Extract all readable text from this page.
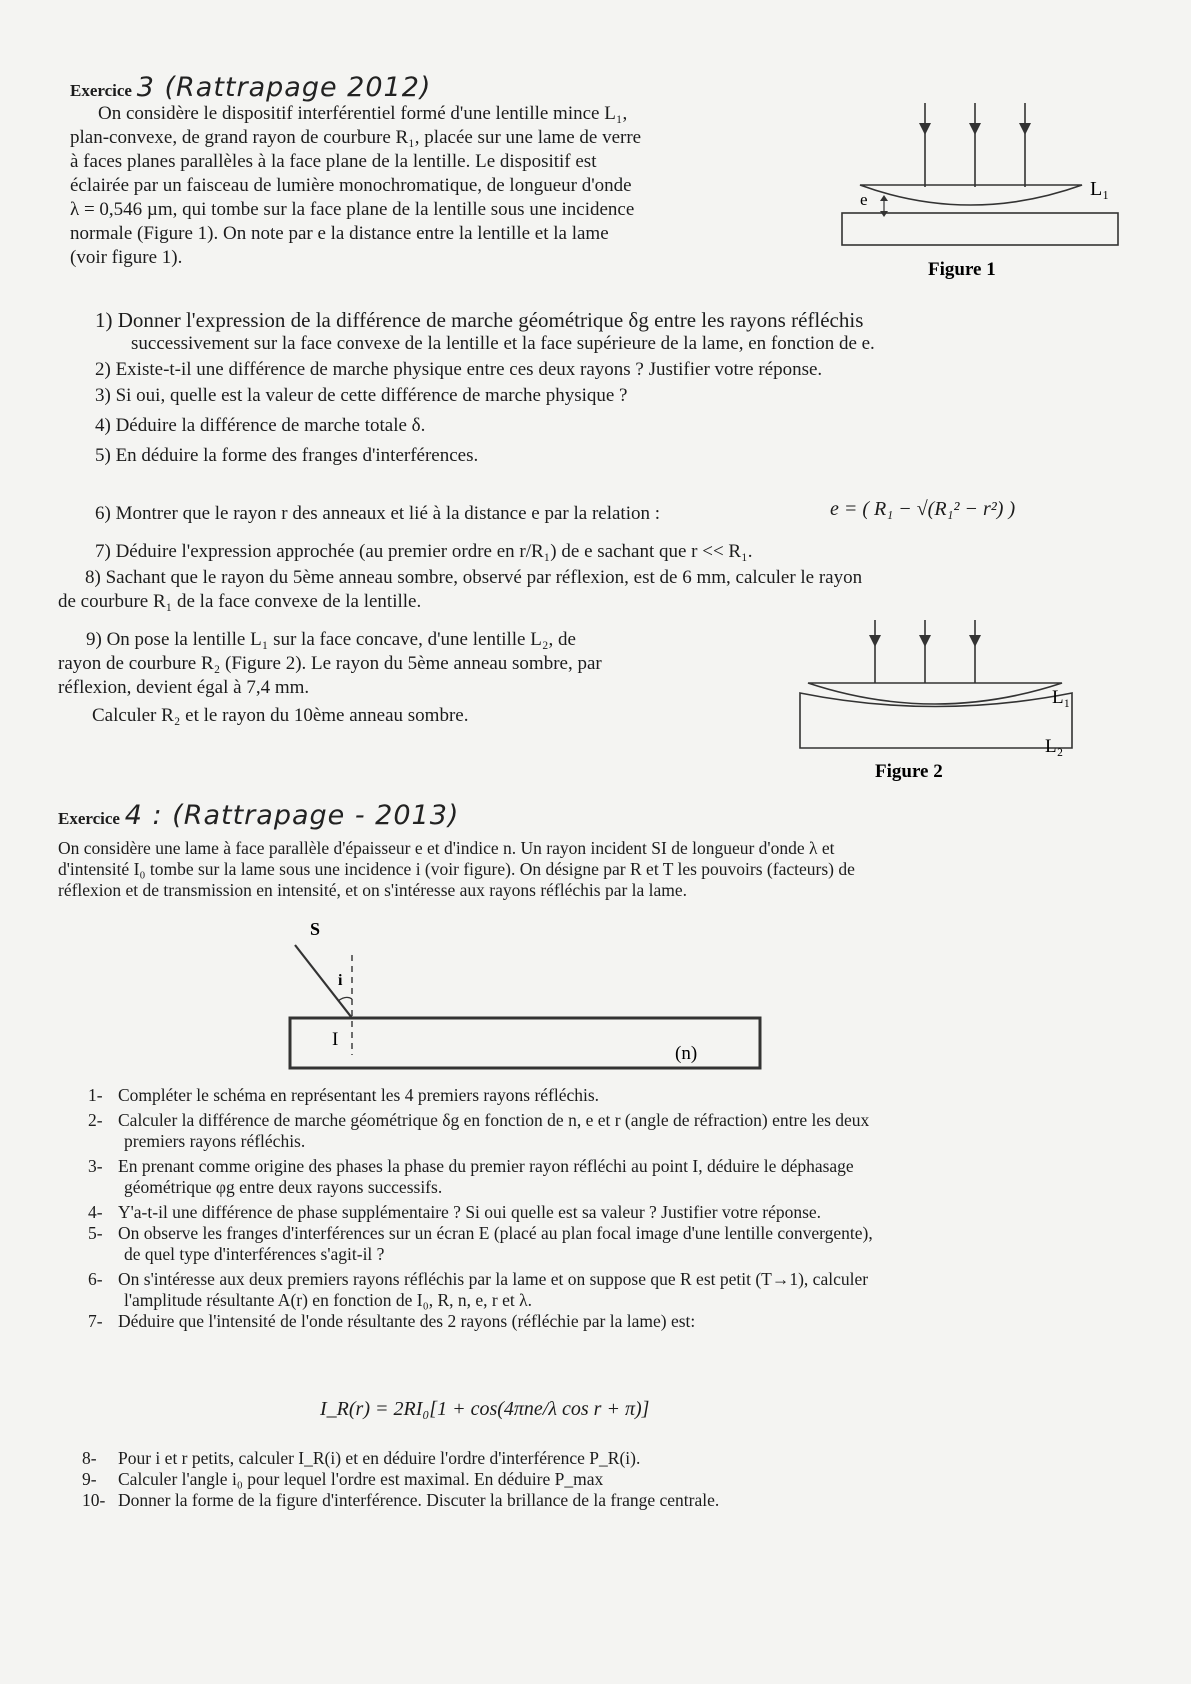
Exercice 3 (Rattrapage 2012)
On considère le dispositif interférentiel formé d'une lentille mince L₁,
plan-convexe, de grand rayon de courbure R₁, placée sur une lame de verre
à faces planes parallèles à la face plane de la lentille. Le dispositif est
éclairée par un faisceau de lumière monochromatique, de longueur d'onde
λ = 0,546 µm, qui tombe sur la face plane de la lentille sous une incidence
normale (Figure 1). On note par e la distance entre la lentille et la lame
(voir figure 1).
e	L₁
Figure 1
1) Donner l'expression de la différence de marche géométrique δg entre les rayons réfléchis
successivement sur la face convexe de la lentille et la face supérieure de la lame, en fonction de e.
2) Existe-t-il une différence de marche physique entre ces deux rayons ? Justifier votre réponse.
3) Si oui, quelle est la valeur de cette différence de marche physique ?
4) Déduire la différence de marche totale δ.
5) En déduire la forme des franges d'interférences.
6) Montrer que le rayon r des anneaux et lié à la distance e par la relation :	e = ( R₁ − √(R₁² − r²) )
7) Déduire l'expression approchée (au premier ordre en r/R₁) de e sachant que r << R₁.
8) Sachant que le rayon du 5ème anneau sombre, observé par réflexion, est de 6 mm, calculer le rayon
de courbure R₁ de la face convexe de la lentille.
9) On pose la lentille L₁ sur la face concave, d'une lentille L₂, de
rayon de courbure R₂ (Figure 2). Le rayon du 5ème anneau sombre, par
réflexion, devient égal à 7,4 mm.
Calculer R₂ et le rayon du 10ème anneau sombre.
L₁
L₂
Figure 2
Exercice 4 : (Rattrapage - 2013)
On considère une lame à face parallèle d'épaisseur e et d'indice n. Un rayon incident SI de longueur d'onde λ et
d'intensité I₀ tombe sur la lame sous une incidence i (voir figure). On désigne par R et T les pouvoirs (facteurs) de
réflexion et de transmission en intensité, et on s'intéresse aux rayons réfléchis par la lame.
S
i
I
(n)
1- Compléter le schéma en représentant les 4 premiers rayons réfléchis.
2- Calculer la différence de marche géométrique δg en fonction de n, e et r (angle de réfraction) entre les deux
premiers rayons réfléchis.
3- En prenant comme origine des phases la phase du premier rayon réfléchi au point I, déduire le déphasage
géométrique φg entre deux rayons successifs.
4- Y'a-t-il une différence de phase supplémentaire ? Si oui quelle est sa valeur ? Justifier votre réponse.
5- On observe les franges d'interférences sur un écran E (placé au plan focal image d'une lentille convergente),
de quel type d'interférences s'agit-il ?
6- On s'intéresse aux deux premiers rayons réfléchis par la lame et on suppose que R est petit (T→1), calculer
l'amplitude résultante A(r) en fonction de I₀, R, n, e, r et λ.
7- Déduire que l'intensité de l'onde résultante des 2 rayons (réfléchie par la lame) est:
I_R(r) = 2RI₀[1 + cos(4πne/λ cos r + π)]
8-	Pour i et r petits, calculer I_R(i) et en déduire l'ordre d'interférence P_R(i).
9-	Calculer l'angle i₀ pour lequel l'ordre est maximal. En déduire P_max
10- Donner la forme de la figure d'interférence. Discuter la brillance de la frange centrale.
